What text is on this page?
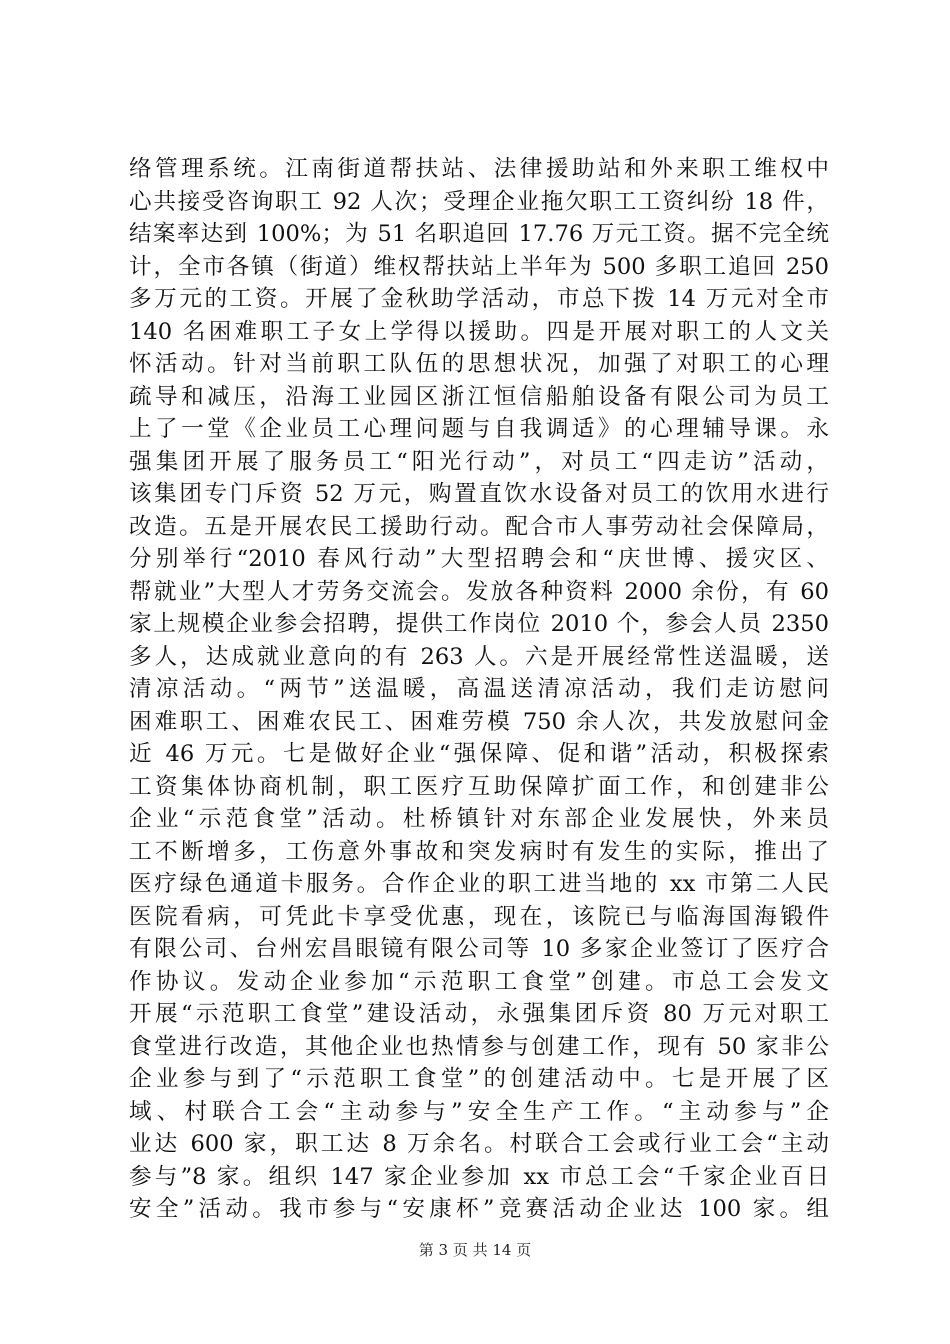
络管理系统。江南街道帮扶站、法律援助站和外来职工维权中
心共接受咨询职工 92 人次；受理企业拖欠职工工资纠纷 18 件，
结案率达到 100%；为 51 名职追回 17.76 万元工资。据不完全统
计，全市各镇（街道）维权帮扶站上半年为 500 多职工追回 250
多万元的工资。开展了金秋助学活动，市总下拨 14 万元对全市
140 名困难职工子女上学得以援助。四是开展对职工的人文关
怀活动。针对当前职工队伍的思想状况，加强了对职工的心理
疏导和减压，沿海工业园区浙江恒信船舶设备有限公司为员工
上了一堂《企业员工心理问题与自我调适》的心理辅导课。永
强集团开展了服务员工“阳光行动”，对员工“四走访”活动，
该集团专门斥资 52 万元，购置直饮水设备对员工的饮用水进行
改造。五是开展农民工援助行动。配合市人事劳动社会保障局，
分别举行“2010 春风行动”大型招聘会和“庆世博、援灾区、
帮就业”大型人才劳务交流会。发放各种资料 2000 余份，有 60
家上规模企业参会招聘，提供工作岗位 2010 个，参会人员 2350
多人，达成就业意向的有 263 人。六是开展经常性送温暖，送
清凉活动。“两节”送温暖，高温送清凉活动，我们走访慰问
困难职工、困难农民工、困难劳模 750 余人次，共发放慰问金
近 46 万元。七是做好企业“强保障、促和谐”活动，积极探索
工资集体协商机制，职工医疗互助保障扩面工作，和创建非公
企业“示范食堂”活动。杜桥镇针对东部企业发展快，外来员
工不断增多，工伤意外事故和突发病时有发生的实际，推出了
医疗绿色通道卡服务。合作企业的职工进当地的 xx 市第二人民
医院看病，可凭此卡享受优惠，现在，该院已与临海国海锻件
有限公司、台州宏昌眼镜有限公司等 10 多家企业签订了医疗合
作协议。发动企业参加“示范职工食堂”创建。市总工会发文
开展“示范职工食堂”建设活动，永强集团斥资 80 万元对职工
食堂进行改造，其他企业也热情参与创建工作，现有 50 家非公
企业参与到了“示范职工食堂”的创建活动中。七是开展了区
域、村联合工会“主动参与”安全生产工作。“主动参与”企
业达 600 家，职工达 8 万余名。村联合工会或行业工会“主动
参与”8 家。组织 147 家企业参加 xx 市总工会“千家企业百日
安全”活动。我市参与“安康杯”竞赛活动企业达 100 家。组
第 3 页 共 14 页
